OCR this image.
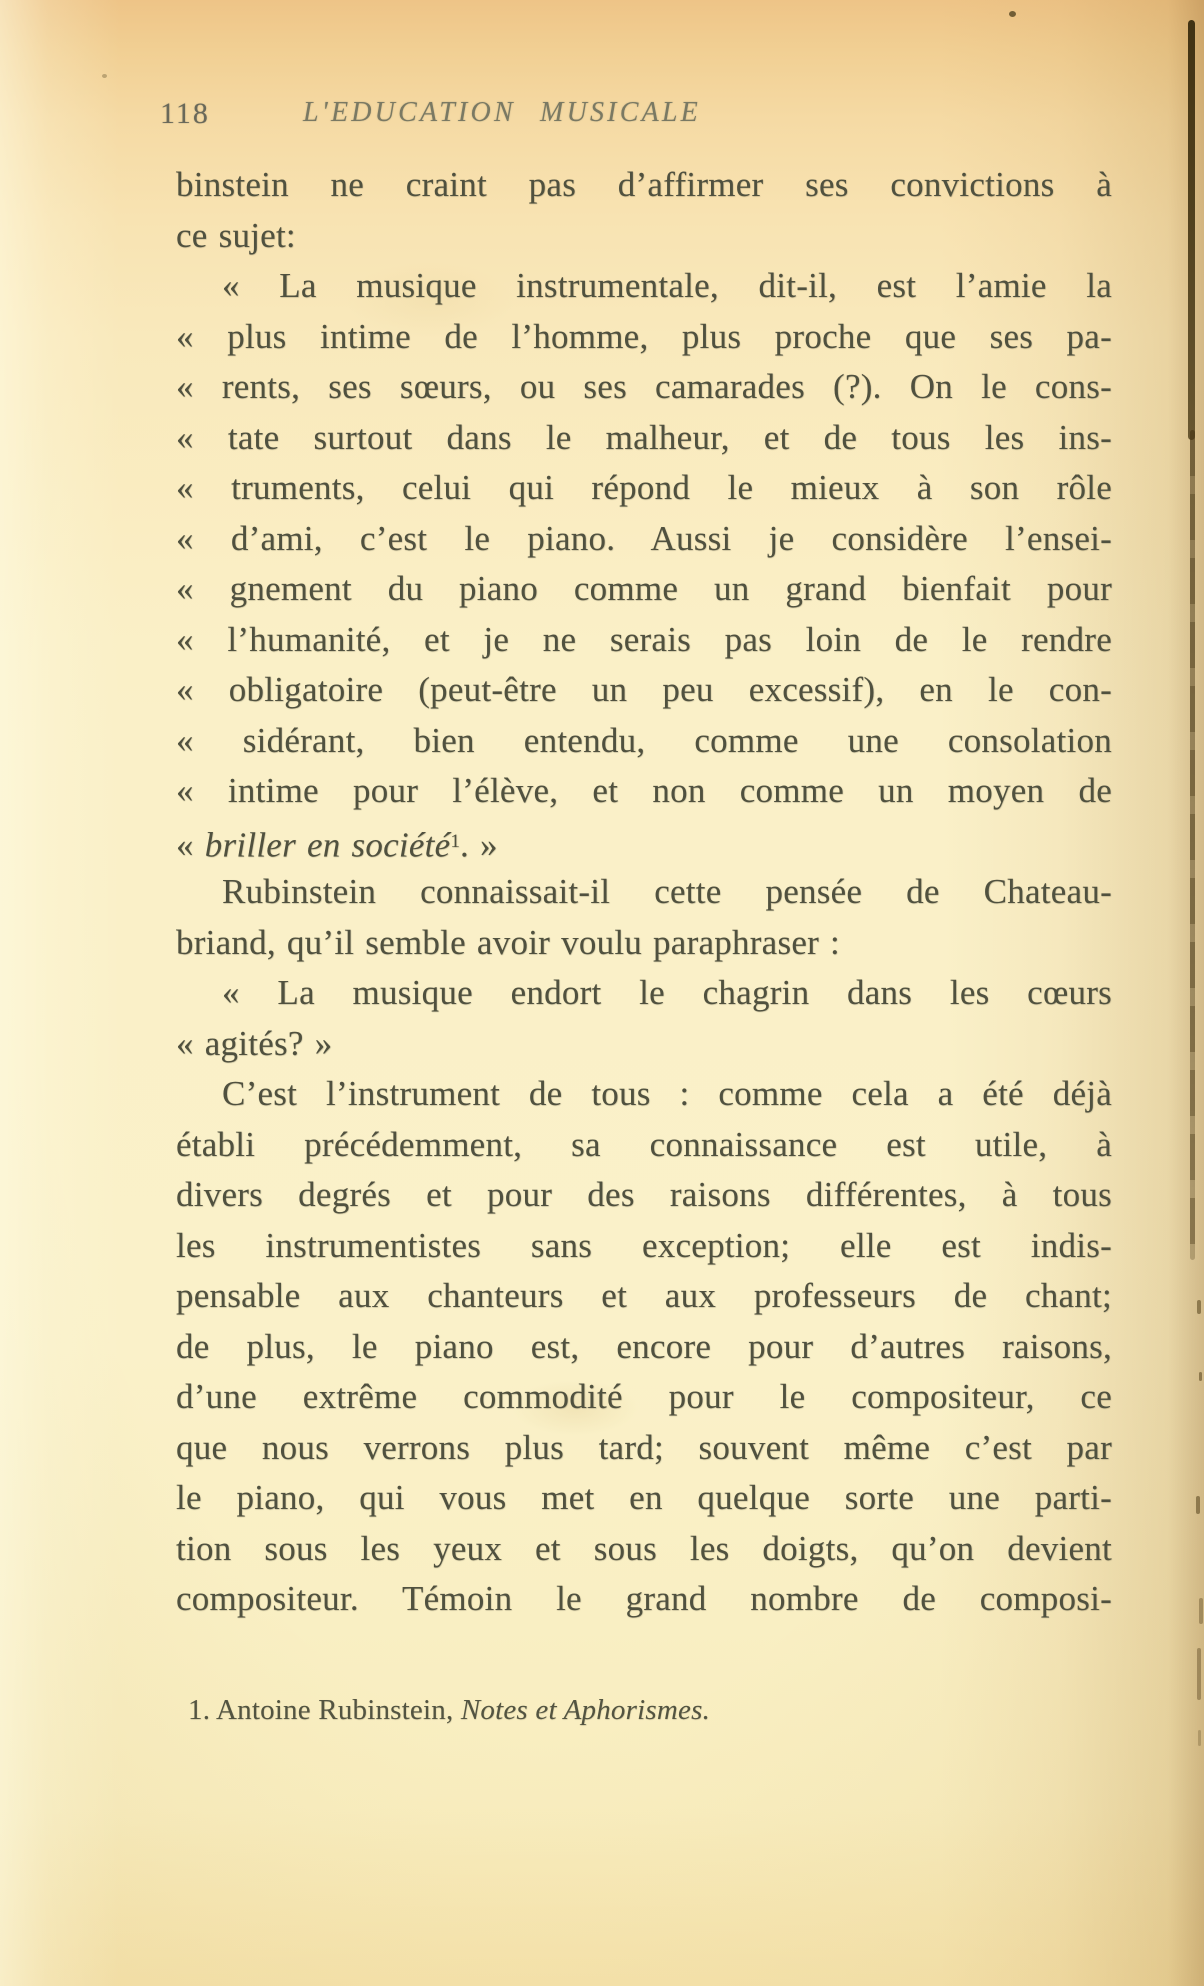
118	L'EDUCATION MUSICALE
binstein ne craint pas d’affirmer ses convictions à
ce sujet:
« La musique instrumentale, dit-il, est l’amie la
« plus intime de l’homme, plus proche que ses pa-
« rents, ses sœurs, ou ses camarades (?). On le cons-
« tate surtout dans le malheur, et de tous les ins-
« truments, celui qui répond le mieux à son rôle
« d’ami, c’est le piano. Aussi je considère l’ensei-
« gnement du piano comme un grand bienfait pour
« l’humanité, et je ne serais pas loin de le rendre
« obligatoire (peut-être un peu excessif), en le con-
« sidérant, bien entendu, comme une consolation
« intime pour l’élève, et non comme un moyen de
« briller en société$^1$. »
Rubinstein connaissait-il cette pensée de Chateau-
briand, qu’il semble avoir voulu paraphraser :
« La musique endort le chagrin dans les cœurs
« agités? »
C’est l’instrument de tous : comme cela a été déjà
établi précédemment, sa connaissance est utile, à
divers degrés et pour des raisons différentes, à tous
les instrumentistes sans exception; elle est indis-
pensable aux chanteurs et aux professeurs de chant;
de plus, le piano est, encore pour d’autres raisons,
d’une extrême commodité pour le compositeur, ce
que nous verrons plus tard; souvent même c’est par
le piano, qui vous met en quelque sorte une parti-
tion sous les yeux et sous les doigts, qu’on devient
compositeur. Témoin le grand nombre de composi-
1. Antoine Rubinstein, Notes et Aphorismes.
